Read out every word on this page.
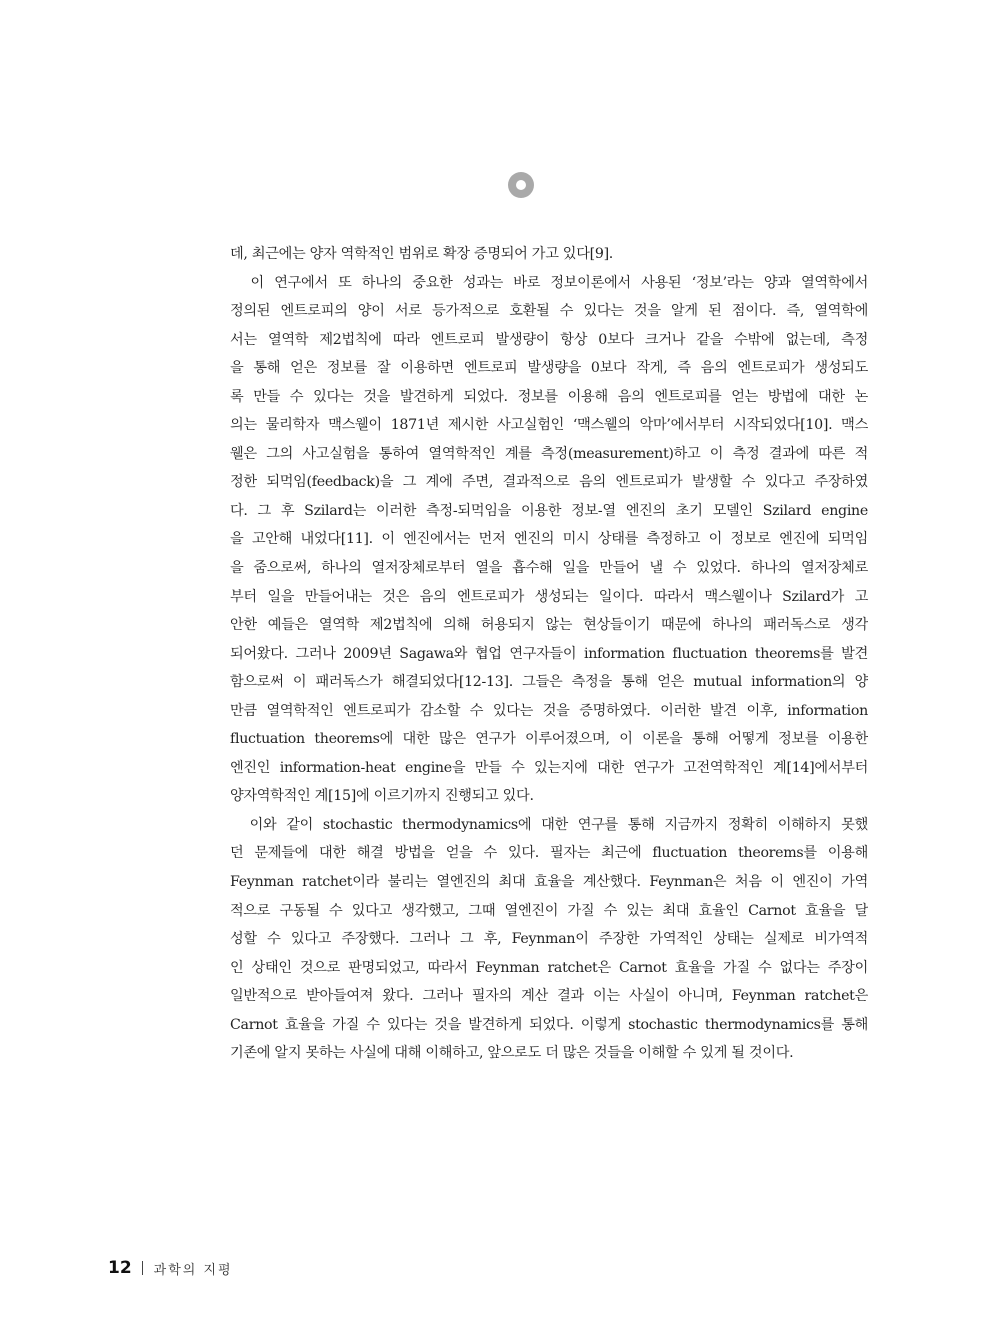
데, 최근에는 양자 역학적인 범위로 확장 증명되어 가고 있다[9].
이 연구에서 또 하나의 중요한 성과는 바로 정보이론에서 사용된 ‘정보’라는 양과 열역학에서
정의된 엔트로피의 양이 서로 등가적으로 호환될 수 있다는 것을 알게 된 점이다. 즉, 열역학에
서는 열역학 제2법칙에 따라 엔트로피 발생량이 항상 0보다 크거나 같을 수밖에 없는데, 측정
을 통해 얻은 정보를 잘 이용하면 엔트로피 발생량을 0보다 작게, 즉 음의 엔트로피가 생성되도
록 만들 수 있다는 것을 발견하게 되었다. 정보를 이용해 음의 엔트로피를 얻는 방법에 대한 논
의는 물리학자 맥스웰이 1871년 제시한 사고실험인 ‘맥스웰의 악마’에서부터 시작되었다[10]. 맥스
웰은 그의 사고실험을 통하여 열역학적인 계를 측정(measurement)하고 이 측정 결과에 따른 적
정한 되먹임(feedback)을 그 계에 주면, 결과적으로 음의 엔트로피가 발생할 수 있다고 주장하였
다. 그 후 Szilard는 이러한 측정-되먹임을 이용한 정보-열 엔진의 초기 모델인 Szilard engine
을 고안해 내었다[11]. 이 엔진에서는 먼저 엔진의 미시 상태를 측정하고 이 정보로 엔진에 되먹임
을 줌으로써, 하나의 열저장체로부터 열을 흡수해 일을 만들어 낼 수 있었다. 하나의 열저장체로
부터 일을 만들어내는 것은 음의 엔트로피가 생성되는 일이다. 따라서 맥스웰이나 Szilard가 고
안한 예들은 열역학 제2법칙에 의해 허용되지 않는 현상들이기 때문에 하나의 패러독스로 생각
되어왔다. 그러나 2009년 Sagawa와 협업 연구자들이 information fluctuation theorems를 발견
함으로써 이 패러독스가 해결되었다[12-13]. 그들은 측정을 통해 얻은 mutual information의 양
만큼 열역학적인 엔트로피가 감소할 수 있다는 것을 증명하였다. 이러한 발견 이후, information
fluctuation theorems에 대한 많은 연구가 이루어졌으며, 이 이론을 통해 어떻게 정보를 이용한
엔진인 information-heat engine을 만들 수 있는지에 대한 연구가 고전역학적인 계[14]에서부터
양자역학적인 계[15]에 이르기까지 진행되고 있다.
이와 같이 stochastic thermodynamics에 대한 연구를 통해 지금까지 정확히 이해하지 못했
던 문제들에 대한 해결 방법을 얻을 수 있다. 필자는 최근에 fluctuation theorems를 이용해
Feynman ratchet이라 불리는 열엔진의 최대 효율을 계산했다. Feynman은 처음 이 엔진이 가역
적으로 구동될 수 있다고 생각했고, 그때 열엔진이 가질 수 있는 최대 효율인 Carnot 효율을 달
성할 수 있다고 주장했다. 그러나 그 후, Feynman이 주장한 가역적인 상태는 실제로 비가역적
인 상태인 것으로 판명되었고, 따라서 Feynman ratchet은 Carnot 효율을 가질 수 없다는 주장이
일반적으로 받아들여져 왔다. 그러나 필자의 계산 결과 이는 사실이 아니며, Feynman ratchet은
Carnot 효율을 가질 수 있다는 것을 발견하게 되었다. 이렇게 stochastic thermodynamics를 통해
기존에 알지 못하는 사실에 대해 이해하고, 앞으로도 더 많은 것들을 이해할 수 있게 될 것이다.
12 과학의 지평
